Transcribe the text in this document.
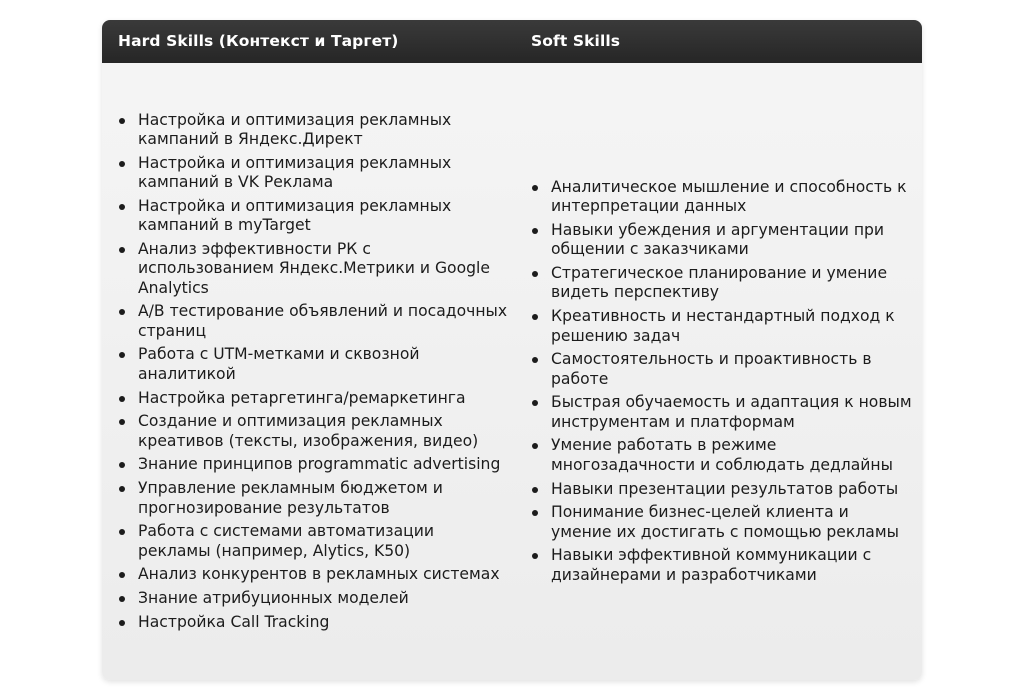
Hard Skills (Контекст и Таргет)	Soft Skills
Настройка и оптимизация рекламных кампаний в Яндекс.Директ
Настройка и оптимизация рекламных кампаний в VK Реклама
Настройка и оптимизация рекламных кампаний в myTarget
Анализ эффективности РК с использованием Яндекс.Метрики и Google Analytics
A/B тестирование объявлений и посадочных страниц
Работа с UTM-метками и сквозной аналитикой
Настройка ретаргетинга/ремаркетинга
Создание и оптимизация рекламных креативов (тексты, изображения, видео)
Знание принципов programmatic advertising
Управление рекламным бюджетом и прогнозирование результатов
Работа с системами автоматизации рекламы (например, Alytics, K50)
Анализ конкурентов в рекламных системах
Знание атрибуционных моделей
Настройка Call Tracking
Аналитическое мышление и способность к интерпретации данных
Навыки убеждения и аргументации при общении с заказчиками
Стратегическое планирование и умение видеть перспективу
Креативность и нестандартный подход к решению задач
Самостоятельность и проактивность в работе
Быстрая обучаемость и адаптация к новым инструментам и платформам
Умение работать в режиме многозадачности и соблюдать дедлайны
Навыки презентации результатов работы
Понимание бизнес-целей клиента и умение их достигать с помощью рекламы
Навыки эффективной коммуникации с дизайнерами и разработчиками
